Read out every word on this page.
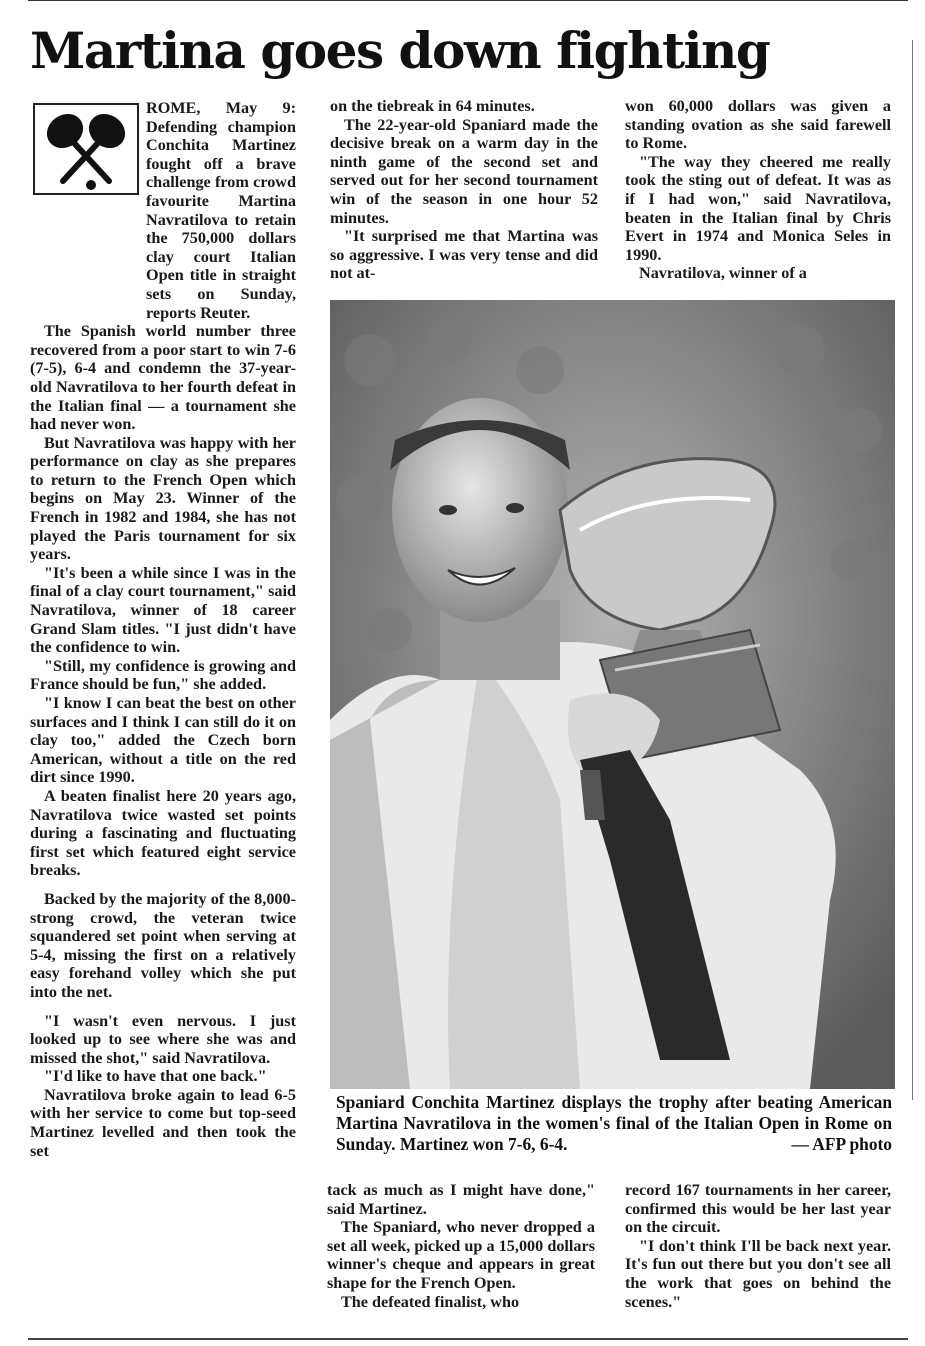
Martina goes down fighting

ROME, May 9: Defending champion Conchita Martinez fought off a brave challenge from crowd favourite Martina Navratilova to retain the 750,000 dollars clay court Italian Open title in straight sets on Sunday, reports Reuter.

The Spanish world number three recovered from a poor start to win 7-6 (7-5), 6-4 and condemn the 37-year-old Navratilova to her fourth defeat in the Italian final — a tournament she had never won.

But Navratilova was happy with her performance on clay as she prepares to return to the French Open which begins on May 23. Winner of the French in 1982 and 1984, she has not played the Paris tournament for six years.

"It's been a while since I was in the final of a clay court tournament," said Navratilova, winner of 18 career Grand Slam titles. "I just didn't have the confidence to win.

"Still, my confidence is growing and France should be fun," she added.

"I know I can beat the best on other surfaces and I think I can still do it on clay too," added the Czech born American, without a title on the red dirt since 1990.

A beaten finalist here 20 years ago, Navratilova twice wasted set points during a fascinating and fluctuating first set which featured eight service breaks.

Backed by the majority of the 8,000-strong crowd, the veteran twice squandered set point when serving at 5-4, missing the first on a relatively easy forehand volley which she put into the net.

"I wasn't even nervous. I just looked up to see where she was and missed the shot," said Navratilova.

"I'd like to have that one back."

Navratilova broke again to lead 6-5 with her service to come but top-seed Martinez levelled and then took the set

on the tiebreak in 64 minutes.

The 22-year-old Spaniard made the decisive break on a warm day in the ninth game of the second set and served out for her second tournament win of the season in one hour 52 minutes.

"It surprised me that Martina was so aggressive. I was very tense and did not at-

won 60,000 dollars was given a standing ovation as she said farewell to Rome.

"The way they cheered me really took the sting out of defeat. It was as if I had won," said Navratilova, beaten in the Italian final by Chris Evert in 1974 and Monica Seles in 1990.

Navratilova, winner of a

Spaniard Conchita Martinez displays the trophy after beating American Martina Navratilova in the women's final of the Italian Open in Rome on Sunday. Martinez won 7-6, 6-4.	— AFP photo

tack as much as I might have done," said Martinez.

The Spaniard, who never dropped a set all week, picked up a 15,000 dollars winner's cheque and appears in great shape for the French Open.

The defeated finalist, who

record 167 tournaments in her career, confirmed this would be her last year on the circuit.

"I don't think I'll be back next year. It's fun out there but you don't see all the work that goes on behind the scenes."
